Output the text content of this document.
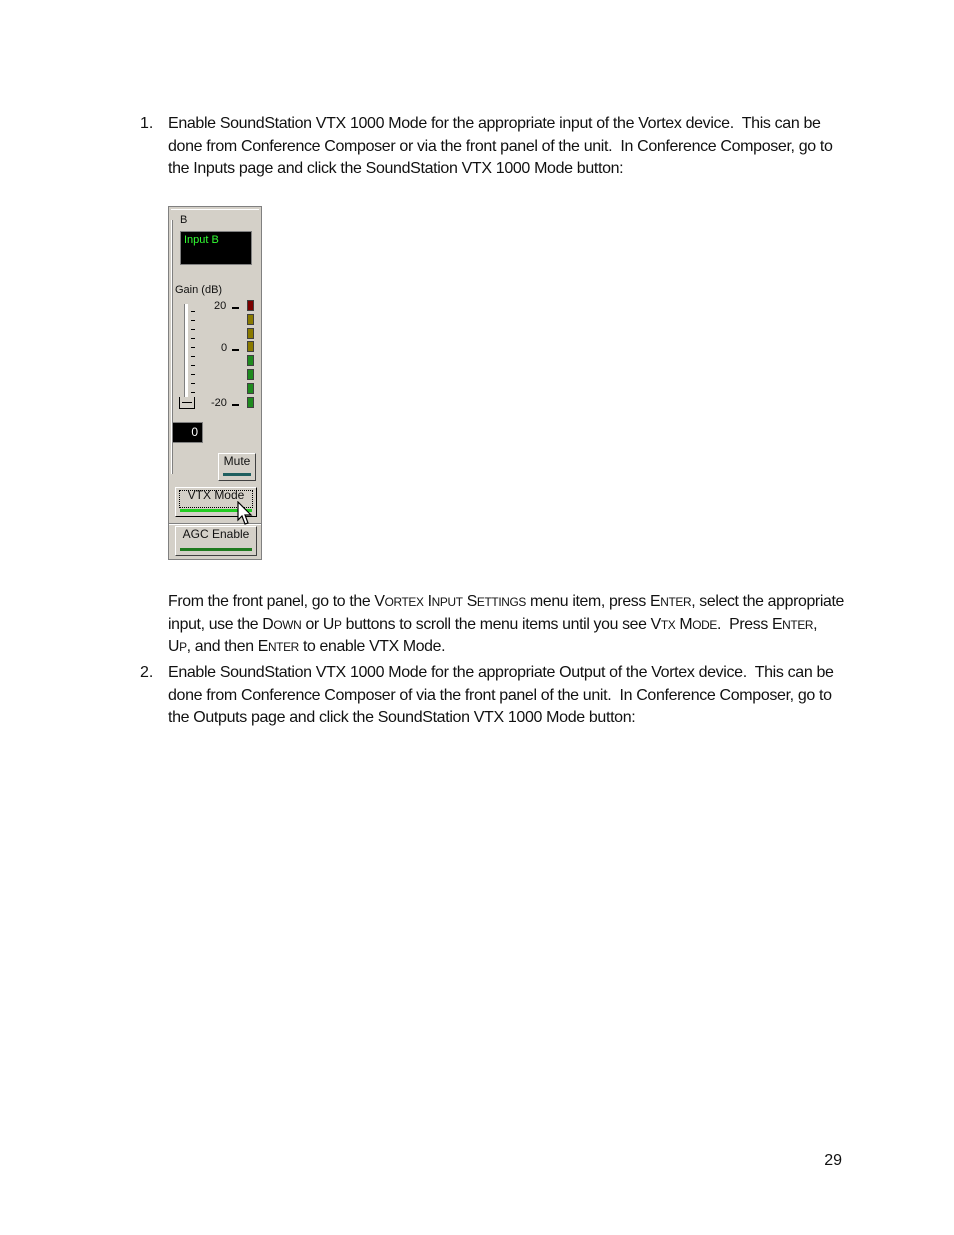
1. Enable SoundStation VTX 1000 Mode for the appropriate input of the Vortex device.  This can be
done from Conference Composer or via the front panel of the unit.  In Conference Composer, go to
the Inputs page and click the SoundStation VTX 1000 Mode button:
B
Input B
Gain (dB)
20
0
-20
0
Mute
VTX Mode
AGC Enable
From the front panel, go to the VORTEX INPUT SETTINGS menu item, press ENTER, select the appropriate
input, use the DOWN or UP buttons to scroll the menu items until you see VTX MODE.  Press ENTER,
UP, and then ENTER to enable VTX Mode.
2. Enable SoundStation VTX 1000 Mode for the appropriate Output of the Vortex device.  This can be
done from Conference Composer of via the front panel of the unit.  In Conference Composer, go to
the Outputs page and click the SoundStation VTX 1000 Mode button:
29
